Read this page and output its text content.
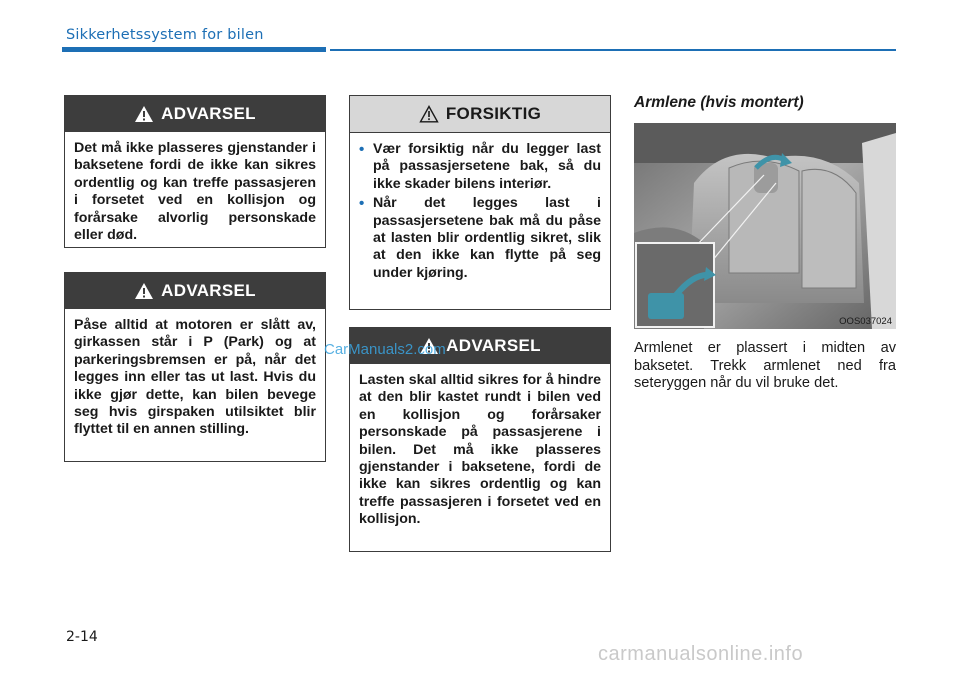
Sikkerhetssystem for bilen
ADVARSEL

Det må ikke plasseres gjenstander i baksetene fordi de ikke kan sikres ordentlig og kan treffe passasjeren i forsetet ved en kollisjon og forårsake alvorlig personskade eller død.

ADVARSEL

Påse alltid at motoren er slått av, girkassen står i P (Park) og at parkeringsbremsen er på, når det legges inn eller tas ut last. Hvis du ikke gjør dette, kan bilen bevege seg hvis girspaken utilsiktet blir flyttet til en annen stilling.

FORSIKTIG
• Vær forsiktig når du legger last på passasjersetene bak, så du ikke skader bilens interiør.
• Når det legges last i passasjersetene bak må du påse at lasten blir ordentlig sikret, slik at den ikke kan flytte på seg under kjøring.
ADVARSEL

Lasten skal alltid sikres for å hindre at den blir kastet rundt i bilen ved en kollisjon og forårsaker personskade på passasjerene i bilen. Det må ikke plasseres gjenstander i baksetene, fordi de ikke kan sikres ordentlig og kan treffe passasjeren i forsetet ved en kollisjon.

CarManuals2.com
Armlene (hvis montert)
OOS037024
Armlenet er plassert i midten av baksetet. Trekk armlenet ned fra seteryggen når du vil bruke det.
2-14
carmanualsonline.info
